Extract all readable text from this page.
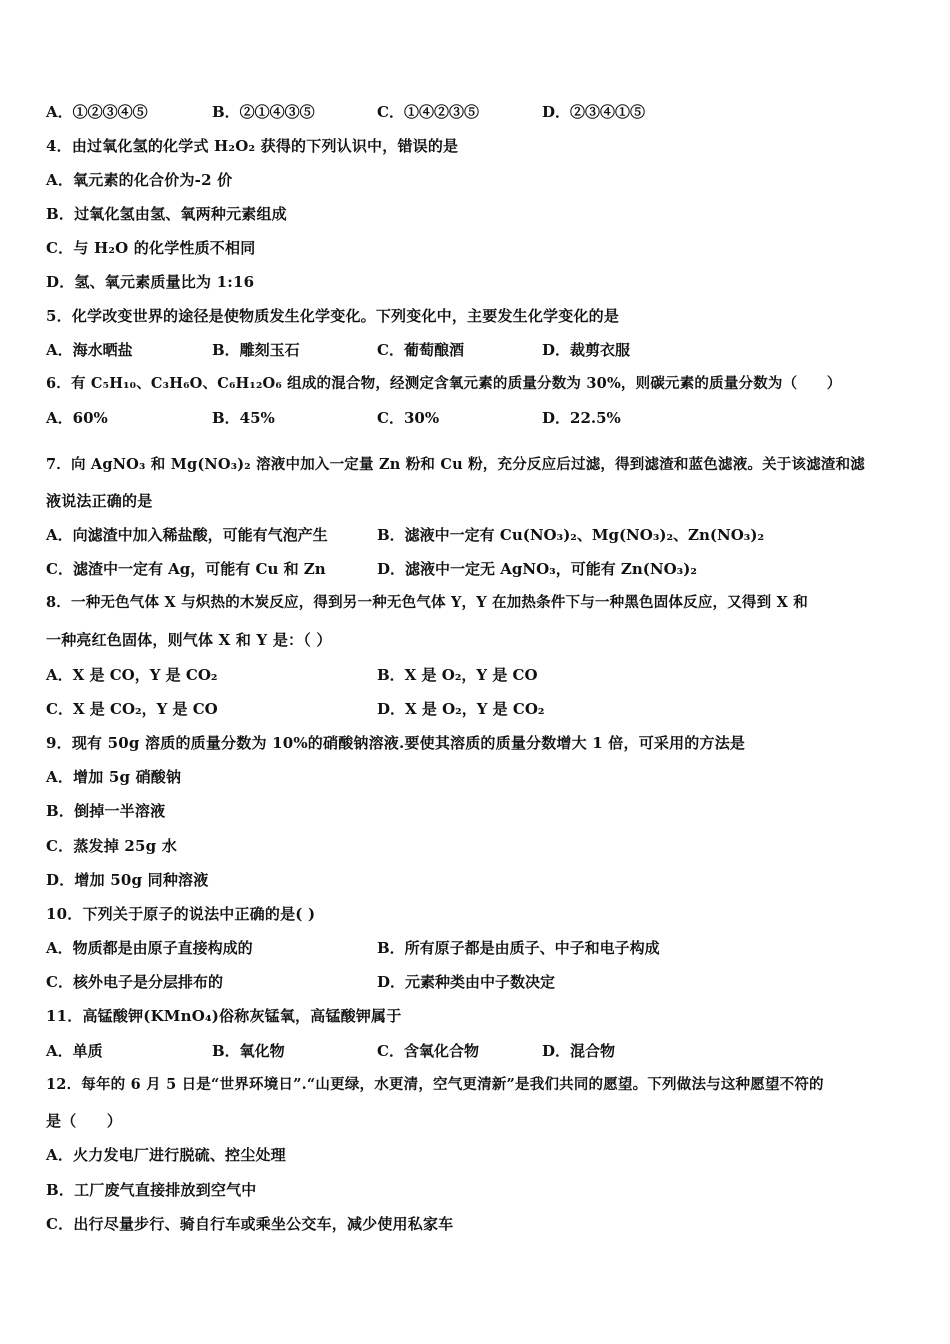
A．①②③④⑤	B．②①④③⑤	C．①④②③⑤	D．②③④①⑤
4．由过氧化氢的化学式 H₂O₂ 获得的下列认识中，错误的是
A．氧元素的化合价为-2 价
B．过氧化氢由氢、氧两种元素组成
C．与 H₂O 的化学性质不相同
D．氢、氧元素质量比为 1:16
5．化学改变世界的途径是使物质发生化学变化。下列变化中，主要发生化学变化的是
A．海水晒盐	B．雕刻玉石	C．葡萄酿酒	D．裁剪衣服
6．有 C₅H₁₀、C₃H₆O、C₆H₁₂O₆ 组成的混合物，经测定含氧元素的质量分数为 30%，则碳元素的质量分数为（　　）
A．60%	B．45%	C．30%	D．22.5%
7．向 AgNO₃ 和 Mg(NO₃)₂ 溶液中加入一定量 Zn 粉和 Cu 粉，充分反应后过滤，得到滤渣和蓝色滤液。关于该滤渣和滤
液说法正确的是
A．向滤渣中加入稀盐酸，可能有气泡产生	B．滤液中一定有 Cu(NO₃)₂、Mg(NO₃)₂、Zn(NO₃)₂
C．滤渣中一定有 Ag，可能有 Cu 和 Zn	D．滤液中一定无 AgNO₃，可能有 Zn(NO₃)₂
8．一种无色气体 X 与炽热的木炭反应，得到另一种无色气体 Y，Y 在加热条件下与一种黑色固体反应，又得到 X 和
一种亮红色固体，则气体 X 和 Y 是：（ ）
A．X 是 CO，Y 是 CO₂	B．X 是 O₂，Y 是 CO
C．X 是 CO₂，Y 是 CO	D．X 是 O₂，Y 是 CO₂
9．现有 50g 溶质的质量分数为 10%的硝酸钠溶液.要使其溶质的质量分数增大 1 倍，可采用的方法是
A．增加 5g 硝酸钠
B．倒掉一半溶液
C．蒸发掉 25g 水
D．增加 50g 同种溶液
10．下列关于原子的说法中正确的是( )
A．物质都是由原子直接构成的	B．所有原子都是由质子、中子和电子构成
C．核外电子是分层排布的	D．元素种类由中子数决定
11．高锰酸钾(KMnO₄)俗称灰锰氧，高锰酸钾属于
A．单质	B．氧化物	C．含氧化合物	D．混合物
12．每年的 6 月 5 日是“世界环境日”.“山更绿，水更清，空气更清新”是我们共同的愿望。下列做法与这种愿望不符的
是（　　）
A．火力发电厂进行脱硫、控尘处理
B．工厂废气直接排放到空气中
C．出行尽量步行、骑自行车或乘坐公交车，减少使用私家车
